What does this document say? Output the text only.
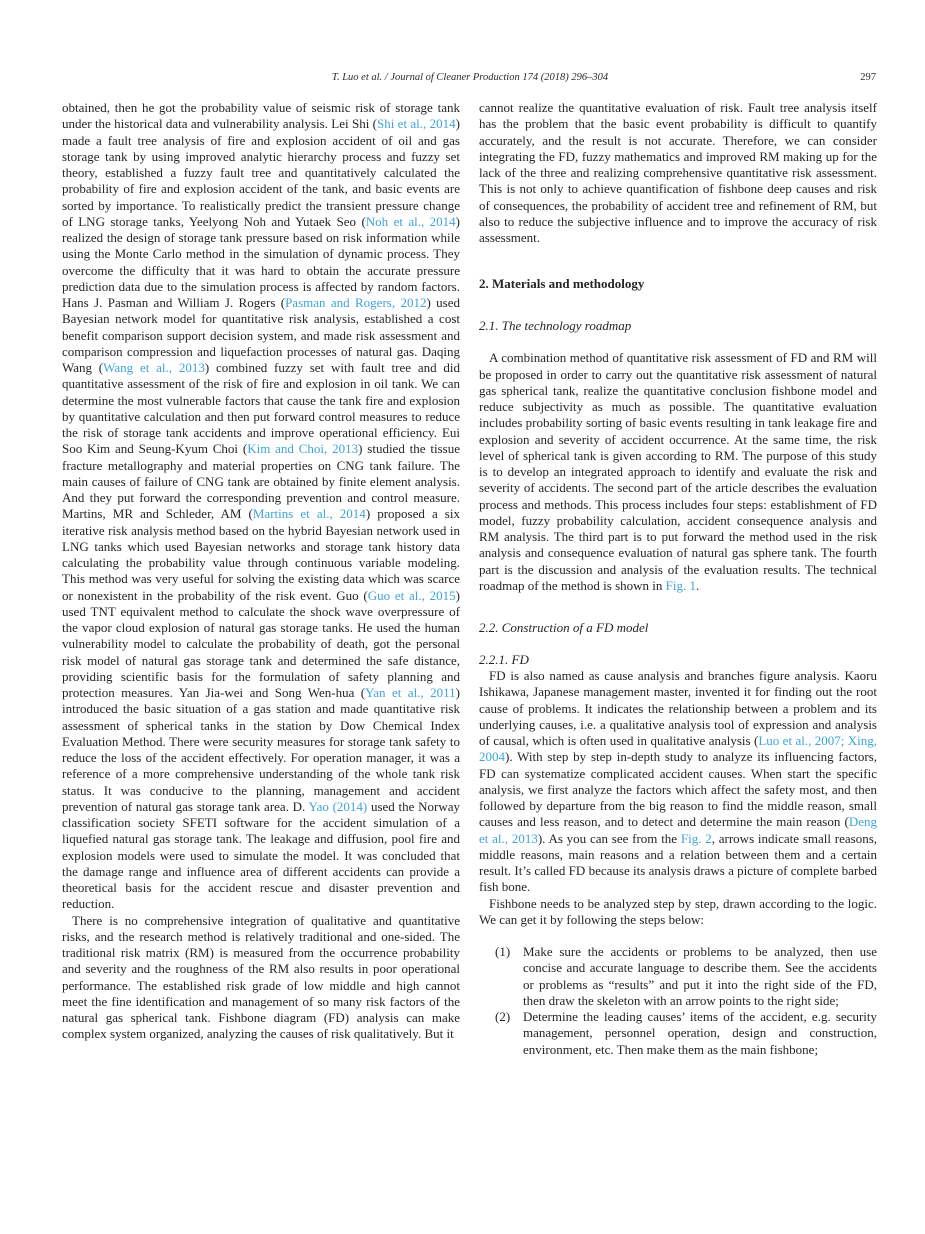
T. Luo et al. / Journal of Cleaner Production 174 (2018) 296–304	297

obtained, then he got the probability value of seismic risk of storage tank under the historical data and vulnerability analysis. Lei Shi (Shi et al., 2014) made a fault tree analysis of fire and explosion accident of oil and gas storage tank by using improved analytic hierarchy process and fuzzy set theory, established a fuzzy fault tree and quantitatively calculated the probability of fire and explosion accident of the tank, and basic events are sorted by importance. To realistically predict the transient pressure change of LNG storage tanks, Yeelyong Noh and Yutaek Seo (Noh et al., 2014) realized the design of storage tank pressure based on risk information while using the Monte Carlo method in the simulation of dynamic process. They overcome the difficulty that it was hard to obtain the accurate pressure prediction data due to the simulation process is affected by random factors. Hans J. Pasman and William J. Rogers (Pasman and Rogers, 2012) used Bayesian network model for quantitative risk analysis, established a cost benefit comparison support decision system, and made risk assessment and comparison compression and liquefaction processes of natural gas. Daqing Wang (Wang et al., 2013) combined fuzzy set with fault tree and did quantitative assessment of the risk of fire and explosion in oil tank. We can determine the most vulnerable factors that cause the tank fire and explosion by quantitative calculation and then put forward control measures to reduce the risk of storage tank accidents and improve operational efficiency. Eui Soo Kim and Seung-Kyum Choi (Kim and Choi, 2013) studied the tissue fracture metallography and material properties on CNG tank failure. The main causes of failure of CNG tank are obtained by finite element analysis. And they put forward the corresponding prevention and control measure. Martins, MR and Schleder, AM (Martins et al., 2014) proposed a six iterative risk analysis method based on the hybrid Bayesian network used in LNG tanks which used Bayesian networks and storage tank history data calculating the probability value through continuous variable modeling. This method was very useful for solving the existing data which was scarce or nonexistent in the probability of the risk event. Guo (Guo et al., 2015) used TNT equivalent method to calculate the shock wave overpressure of the vapor cloud explosion of natural gas storage tanks. He used the human vulnerability model to calculate the probability of death, got the personal risk model of natural gas storage tank and determined the safe distance, providing scientific basis for the formulation of safety planning and protection measures. Yan Jia-wei and Song Wen-hua (Yan et al., 2011) introduced the basic situation of a gas station and made quantitative risk assessment of spherical tanks in the station by Dow Chemical Index Evaluation Method. There were security measures for storage tank safety to reduce the loss of the accident effectively. For operation manager, it was a reference of a more comprehensive understanding of the whole tank risk status. It was conducive to the planning, management and accident prevention of natural gas storage tank area. D. Yao (2014) used the Norway classification society SFETI software for the accident simulation of a liquefied natural gas storage tank. The leakage and diffusion, pool fire and explosion models were used to simulate the model. It was concluded that the damage range and influence area of different accidents can provide a theoretical basis for the accident rescue and disaster prevention and reduction.

There is no comprehensive integration of qualitative and quantitative risks, and the research method is relatively traditional and one-sided. The traditional risk matrix (RM) is measured from the occurrence probability and severity and the roughness of the RM also results in poor operational performance. The established risk grade of low middle and high cannot meet the fine identification and management of so many risk factors of the natural gas spherical tank. Fishbone diagram (FD) analysis can make complex system organized, analyzing the causes of risk qualitatively. But it

cannot realize the quantitative evaluation of risk. Fault tree analysis itself has the problem that the basic event probability is difficult to quantify accurately, and the result is not accurate. Therefore, we can consider integrating the FD, fuzzy mathematics and improved RM making up for the lack of the three and realizing comprehensive quantitative risk assessment. This is not only to achieve quantification of fishbone deep causes and risk of consequences, the probability of accident tree and refinement of RM, but also to reduce the subjective influence and to improve the accuracy of risk assessment.

2. Materials and methodology
2.1. The technology roadmap

A combination method of quantitative risk assessment of FD and RM will be proposed in order to carry out the quantitative risk assessment of natural gas spherical tank, realize the quantitative conclusion fishbone model and reduce subjectivity as much as possible. The quantitative evaluation includes probability sorting of basic events resulting in tank leakage fire and explosion and severity of accident occurrence. At the same time, the risk level of spherical tank is given according to RM. The purpose of this study is to develop an integrated approach to identify and evaluate the risk and severity of accidents. The second part of the article describes the evaluation process and methods. This process includes four steps: establishment of FD model, fuzzy probability calculation, accident consequence analysis and RM analysis. The third part is to put forward the method used in the risk analysis and consequence evaluation of natural gas sphere tank. The fourth part is the discussion and analysis of the evaluation results. The technical roadmap of the method is shown in Fig. 1.

2.2. Construction of a FD model
2.2.1. FD

FD is also named as cause analysis and branches figure analysis. Kaoru Ishikawa, Japanese management master, invented it for finding out the root cause of problems. It indicates the relationship between a problem and its underlying causes, i.e. a qualitative analysis tool of expression and analysis of causal, which is often used in qualitative analysis (Luo et al., 2007; Xing, 2004). With step by step in-depth study to analyze its influencing factors, FD can systematize complicated accident causes. When start the specific analysis, we first analyze the factors which affect the safety most, and then followed by departure from the big reason to find the middle reason, small causes and less reason, and to detect and determine the main reason (Deng et al., 2013). As you can see from the Fig. 2, arrows indicate small reasons, middle reasons, main reasons and a relation between them and a certain result. It’s called FD because its analysis draws a picture of complete barbed fish bone.

Fishbone needs to be analyzed step by step, drawn according to the logic. We can get it by following the steps below:

(1) Make sure the accidents or problems to be analyzed, then use concise and accurate language to describe them. See the accidents or problems as “results” and put it into the right side of the FD, then draw the skeleton with an arrow points to the right side;
(2) Determine the leading causes’ items of the accident, e.g. security management, personnel operation, design and construction, environment, etc. Then make them as the main fishbone;
